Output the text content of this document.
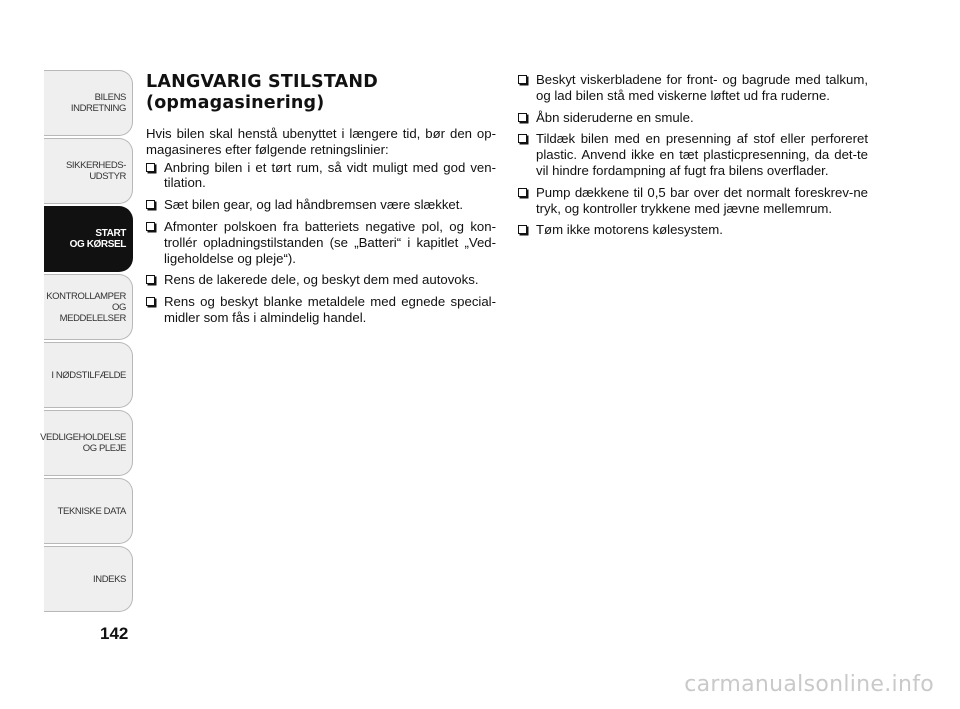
BILENS
INDRETNING
SIKKERHEDS-
UDSTYR
START
OG KØRSEL
KONTROLLAMPER
OG MEDDELELSER
I NØDSTILFÆLDE
VEDLIGEHOLDELSE
OG PLEJE
TEKNISKE DATA
INDEKS
142
LANGVARIG STILSTAND
(opmagasinering)

Hvis bilen skal henstå ubenyttet i længere tid, bør den op-magasineres efter følgende retningslinier:

Anbring bilen i et tørt rum, så vidt muligt med god ven-tilation.
Sæt bilen gear, og lad håndbremsen være slækket.
Afmonter polskoen fra batteriets negative pol, og kon-trollér opladningstilstanden (se „Batteri“ i kapitlet „Ved-ligeholdelse og pleje“).
Rens de lakerede dele, og beskyt dem med autovoks.
Rens og beskyt blanke metaldele med egnede special-midler som fås i almindelig handel.
Beskyt viskerbladene for front- og bagrude med talkum, og lad bilen stå med viskerne løftet ud fra ruderne.
Åbn sideruderne en smule.
Tildæk bilen med en presenning af stof eller perforeret plastic. Anvend ikke en tæt plasticpresenning, da det-te vil hindre fordampning af fugt fra bilens overflader.
Pump dækkene til 0,5 bar over det normalt foreskrev-ne tryk, og kontroller trykkene med jævne mellemrum.
Tøm ikke motorens kølesystem.
carmanualsonline.info
